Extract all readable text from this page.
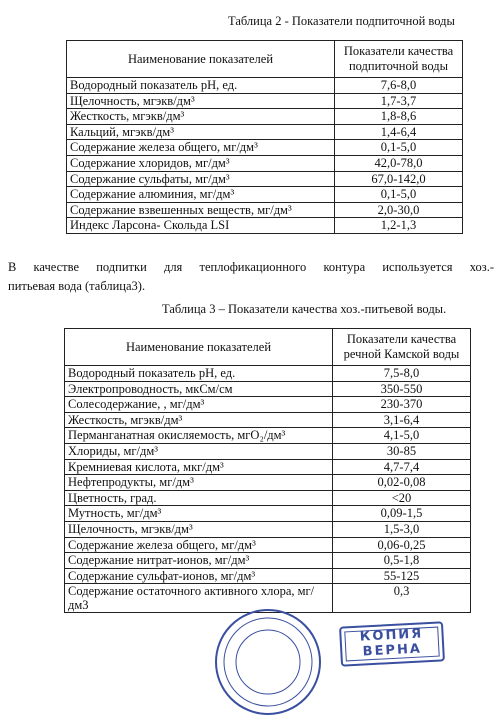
Таблица 2 - Показатели подпиточной воды
Наименование показателей	Показатели качества подпиточной воды
Водородный показатель pH, ед.	7,6-8,0
Щелочность, мгэкв/дм³	1,7-3,7
Жесткость, мгэкв/дм³	1,8-8,6
Кальций, мгэкв/дм³	1,4-6,4
Содержание железа общего, мг/дм³	0,1-5,0
Содержание хлоридов, мг/дм³	42,0-78,0
Содержание сульфаты, мг/дм³	67,0-142,0
Содержание алюминия, мг/дм³	0,1-5,0
Содержание взвешенных веществ, мг/дм³	2,0-30,0
Индекс Ларсона- Скольда LSI	1,2-1,3
В качестве подпитки для теплофикационного контура используется хоз.-
питьевая вода (таблица3).
Таблица 3 – Показатели качества хоз.-питьевой воды.
Наименование показателей	Показатели качества речной Камской воды
Водородный показатель pH, ед.	7,5-8,0
Электропроводность, мкСм/см	350-550
Солесодержание, , мг/дм³	230-370
Жесткость, мгэкв/дм³	3,1-6,4
Перманганатная окисляемость, мгO₂/дм³	4,1-5,0
Хлориды, мг/дм³	30-85
Кремниевая кислота, мкг/дм³	4,7-7,4
Нефтепродукты, мг/дм³	0,02-0,08
Цветность, град.	<20
Мутность, мг/дм³	0,09-1,5
Щелочность, мгэкв/дм³	1,5-3,0
Содержание железа общего, мг/дм³	0,06-0,25
Содержание нитрат-ионов, мг/дм³	0,5-1,8
Содержание сульфат-ионов, мг/дм³	55-125
Содержание остаточного активного хлора, мг/дм3	0,3
КОПИЯ
ВЕРНА
